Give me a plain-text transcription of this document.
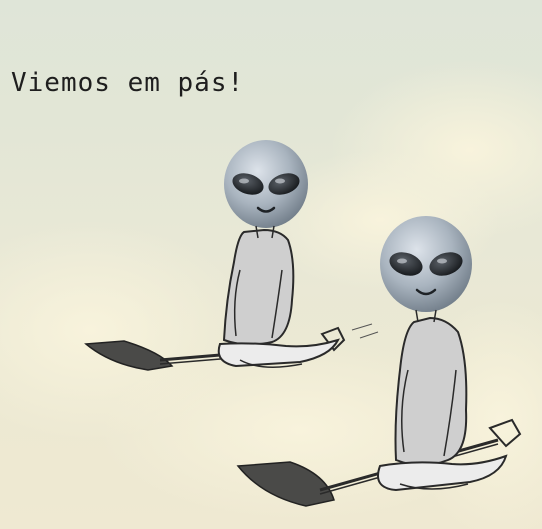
Viemos em pás!
